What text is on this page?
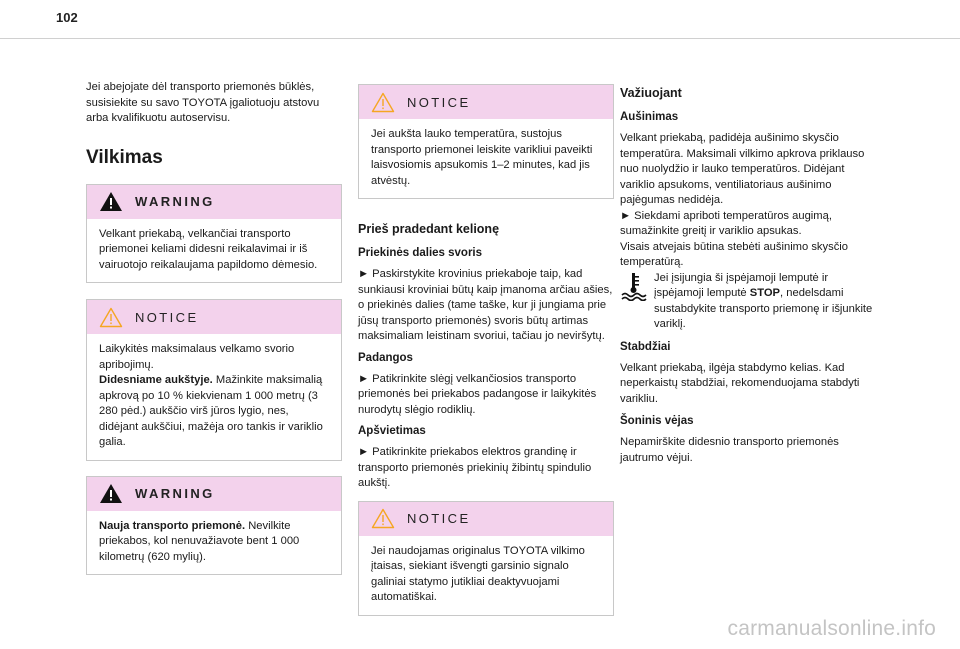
102

Jei abejojate dėl transporto priemonės būklės, susisiekite su savo TOYOTA įgaliotuoju atstovu arba kvalifikuotu autoservisu.

Vilkimas
WARNING

Velkant priekabą, velkančiai transporto priemonei keliami didesni reikalavimai ir iš vairuotojo reikalaujama papildomo dėmesio.

NOTICE

Laikykitės maksimalaus velkamo svorio apribojimų.

Didesniame aukštyje. Mažinkite maksimalią apkrovą po 10 % kiekvienam 1 000 metrų (3 280 pėd.) aukščio virš jūros lygio, nes, didėjant aukščiui, mažėja oro tankis ir variklio galia.

WARNING

Nauja transporto priemonė. Nevilkite priekabos, kol nenuvažiavote bent 1 000 kilometrų (620 mylių).

NOTICE

Jei aukšta lauko temperatūra, sustojus transporto priemonei leiskite varikliui paveikti laisvosiomis apsukomis 1–2 minutes, kad jis atvėstų.

Prieš pradedant kelionę
Priekinės dalies svoris

► Paskirstykite krovinius priekaboje taip, kad sunkiausi kroviniai būtų kaip įmanoma arčiau ašies, o priekinės dalies (tame taške, kur ji jungiama prie jūsų transporto priemonės) svoris būtų artimas maksimaliam leistinam svoriui, tačiau jo neviršytų.

Padangos

► Patikrinkite slėgį velkančiosios transporto priemonės bei priekabos padangose ir laikykitės nurodytų slėgio rodiklių.

Apšvietimas

► Patikrinkite priekabos elektros grandinę ir transporto priemonės priekinių žibintų spindulio aukštį.

NOTICE

Jei naudojamas originalus TOYOTA vilkimo įtaisas, siekiant išvengti garsinio signalo galiniai statymo jutikliai deaktyvuojami automatiškai.

Važiuojant
Aušinimas

Velkant priekabą, padidėja aušinimo skysčio temperatūra. Maksimali vilkimo apkrova priklauso nuo nuolydžio ir lauko temperatūros. Didėjant variklio apsukoms, ventiliatoriaus aušinimo pajėgumas nedidėja.

► Siekdami apriboti temperatūros augimą, sumažinkite greitį ir variklio apsukas.

Visais atvejais būtina stebėti aušinimo skysčio temperatūrą.

Jei įsijungia ši įspėjamoji lemputė ir įspėjamoji lemputė STOP, nedelsdami sustabdykite transporto priemonę ir išjunkite variklį.

Stabdžiai

Velkant priekabą, ilgėja stabdymo kelias. Kad neperkaistų stabdžiai, rekomenduojama stabdyti varikliu.

Šoninis vėjas

Nepamirškite didesnio transporto priemonės jautrumo vėjui.

carmanualsonline.info
